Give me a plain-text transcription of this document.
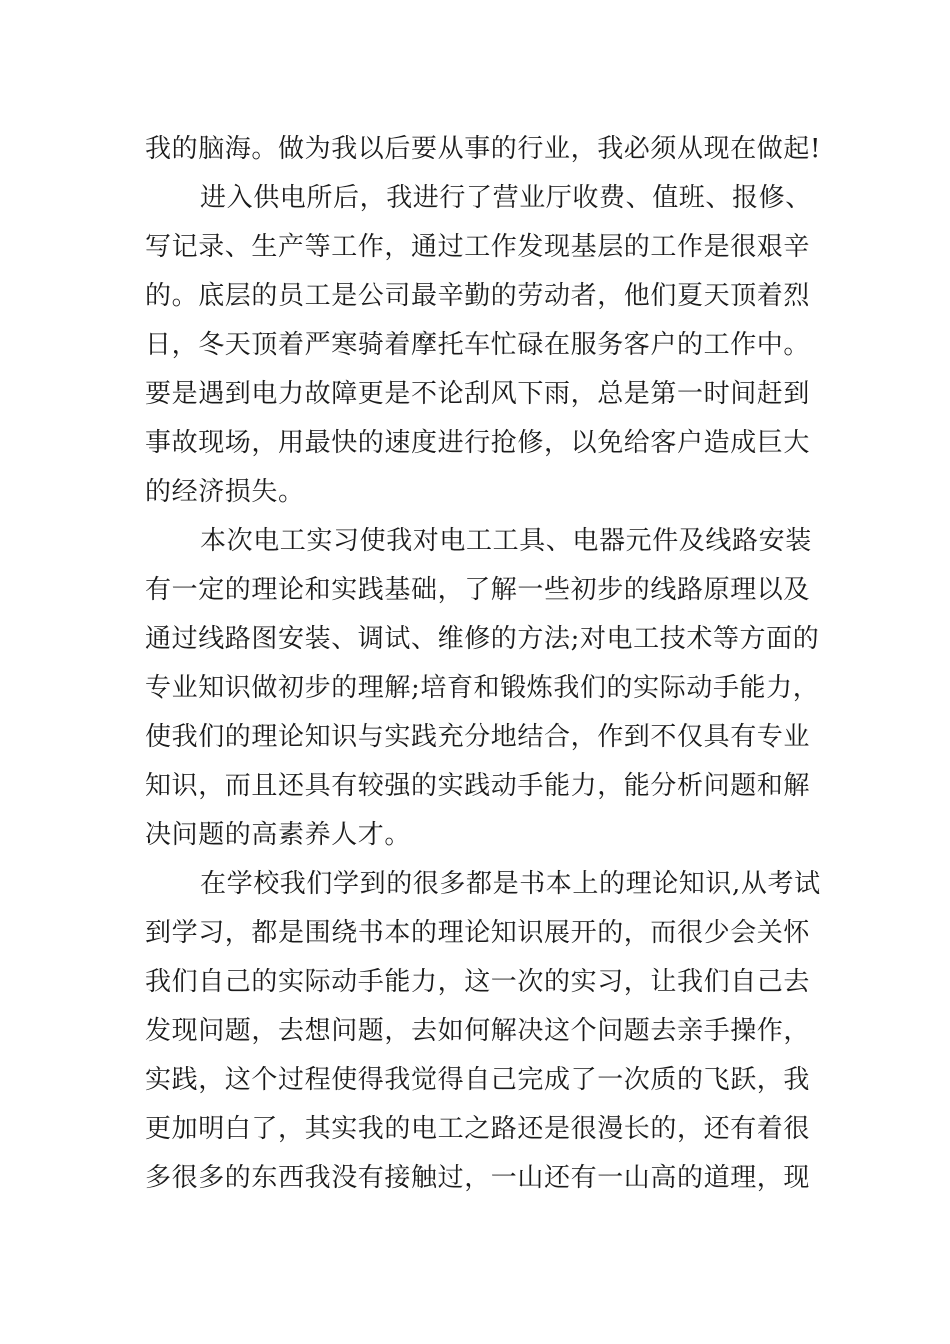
我的脑海。做为我以后要从事的行业，我必须从现在做起!
进入供电所后，我进行了营业厅收费、值班、报修、
写记录、生产等工作，通过工作发现基层的工作是很艰辛
的。底层的员工是公司最辛勤的劳动者，他们夏天顶着烈
日，冬天顶着严寒骑着摩托车忙碌在服务客户的工作中。
要是遇到电力故障更是不论刮风下雨，总是第一时间赶到
事故现场，用最快的速度进行抢修，以免给客户造成巨大
的经济损失。
本次电工实习使我对电工工具、电器元件及线路安装
有一定的理论和实践基础，了解一些初步的线路原理以及
通过线路图安装、调试、维修的方法;对电工技术等方面的
专业知识做初步的理解;培育和锻炼我们的实际动手能力，
使我们的理论知识与实践充分地结合，作到不仅具有专业
知识，而且还具有较强的实践动手能力，能分析问题和解
决问题的高素养人才。
在学校我们学到的很多都是书本上的理论知识,从考试
到学习，都是围绕书本的理论知识展开的，而很少会关怀
我们自己的实际动手能力，这一次的实习，让我们自己去
发现问题，去想问题，去如何解决这个问题去亲手操作，
实践，这个过程使得我觉得自己完成了一次质的飞跃，我
更加明白了，其实我的电工之路还是很漫长的，还有着很
多很多的东西我没有接触过，一山还有一山高的道理，现
